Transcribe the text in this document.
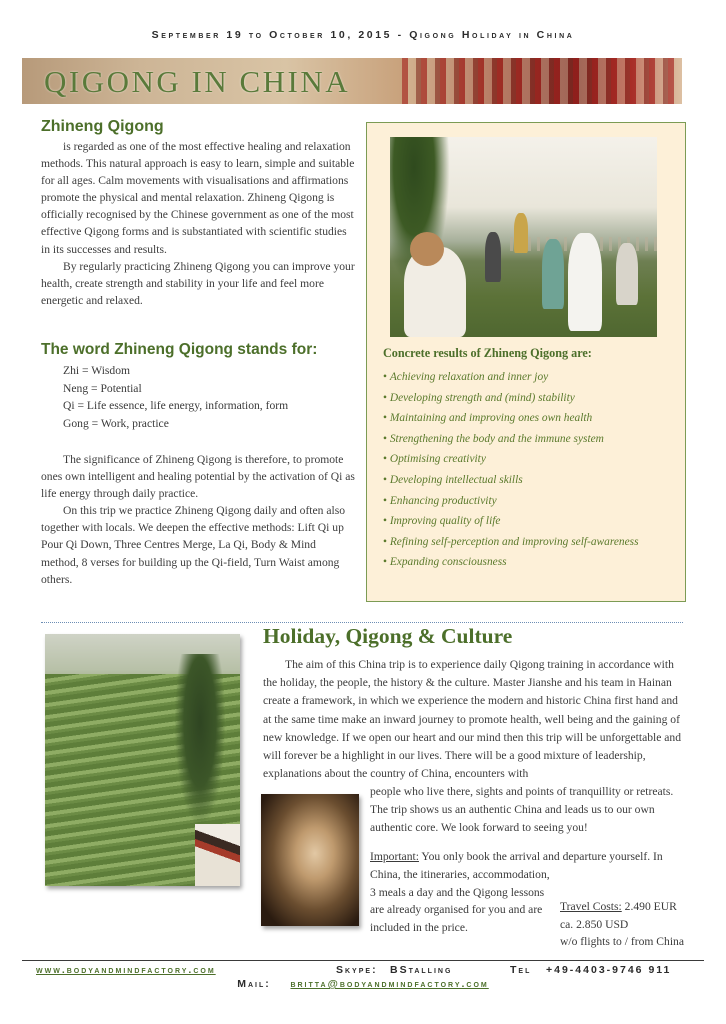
September 19 to October 10, 2015 - Qigong Holiday in China
QIGONG IN CHINA
Zhineng Qigong

is regarded as one of the most effective healing and relaxation methods. This natural approach is easy to learn, simple and suitable for all ages. Calm movements with visualisations and affirmations promote the physical and mental relaxation. Zhineng Qigong is officially recognised by the Chinese government as one of the most effective Qigong forms and is substantiated with scientific studies in its successes and results.

By regularly practicing Zhineng Qigong you can improve your health, create strength and stability in your life and feel more energetic and relaxed.

The word Zhineng Qigong stands for:
Zhi = Wisdom
Neng = Potential
Qi = Life essence, life energy, information, form
Gong = Work, practice

The significance of Zhineng Qigong is therefore, to promote ones own intelligent and healing potential by the activation of Qi as life energy through daily practice.

On this trip we practice Zhineng Qigong daily and often also together with locals. We deepen the effective methods: Lift Qi up Pour Qi Down, Three Centres Merge, La Qi, Body & Mind method, 8 verses for building up the Qi-field, Turn Waist among others.

Concrete results of Zhineng Qigong are:
• Achieving relaxation and inner joy
• Developing strength and (mind) stability
• Maintaining and improving ones own health
• Strengthening the body and the immune system
• Optimising creativity
• Developing intellectual skills
• Enhancing productivity
• Improving quality of life
• Refining self-perception and improving self-awareness
• Expanding consciousness
Holiday, Qigong & Culture

The aim of this China trip is to experience daily Qigong training in accordance with the holiday, the people, the history & the culture. Master Jianshe and his team in Hainan create a framework, in which we experience the modern and historic China first hand and at the same time make an inward journey to promote health, well being and the gaining of new knowledge. If we open our heart and our mind then this trip will be unforgettable and will forever be a highlight in our lives. There will be a good mixture of leadership, explanations about the country of China, encounters with

people who live there, sights and points of tranquillity or retreats. The trip shows us an authentic China and leads us to our own authentic core. We look forward to seeing you!

Important: You only book the arrival and departure yourself. In
China, the itineraries, accommodation, 3 meals a day and the Qigong lessons are already organised for you and are included in the price.
Travel Costs: 2.490 EUR
ca. 2.850 USD
w/o flights to / from China
www.bodyandmindfactory.com	Skype: BStalling	Tel +49-4403-9746 911
Mail: britta@bodyandmindfactory.com
